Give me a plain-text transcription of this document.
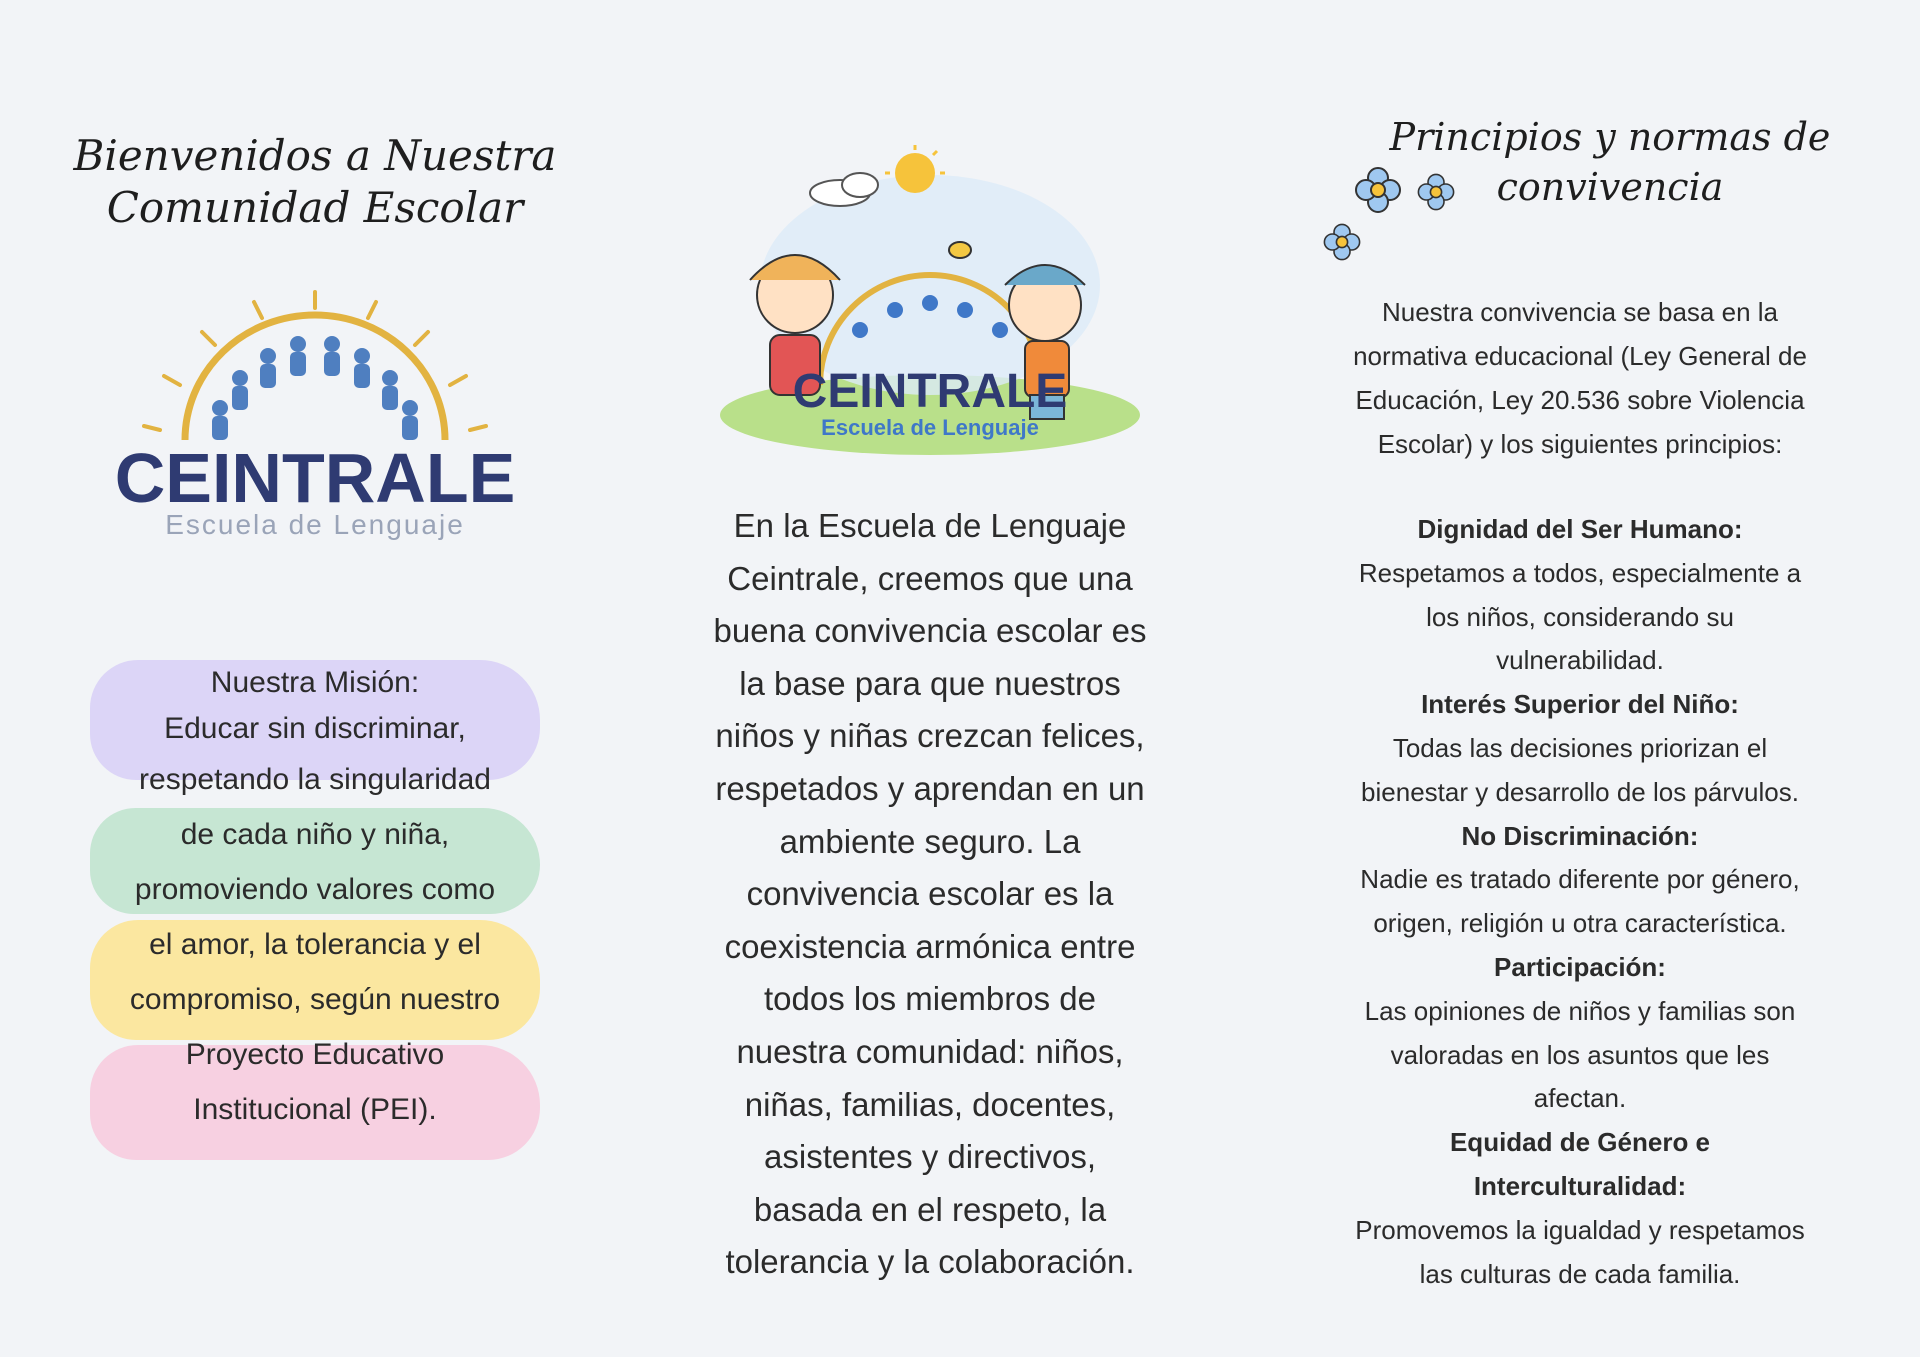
Bienvenidos a Nuestra
Comunidad Escolar
CEINTRALE
Escuela de Lenguaje
Nuestra Misión:
Educar sin discriminar,
respetando la singularidad
de cada niño y niña,
promoviendo valores como
el amor, la tolerancia y el
compromiso, según nuestro
Proyecto Educativo
Institucional (PEI).
CEINTRALE
Escuela de Lenguaje
En la Escuela de Lenguaje
Ceintrale, creemos que una
buena convivencia escolar es
la base para que nuestros
niños y niñas crezcan felices,
respetados y aprendan en un
ambiente seguro. La
convivencia escolar es la
coexistencia armónica entre
todos los miembros de
nuestra comunidad: niños,
niñas, familias, docentes,
asistentes y directivos,
basada en el respeto, la
tolerancia y la colaboración.
Principios y normas de
convivencia
Nuestra convivencia se basa en la
normativa educacional (Ley General de
Educación, Ley 20.536 sobre Violencia
Escolar) y los siguientes principios:
Dignidad del Ser Humano:
Respetamos a todos, especialmente a
los niños, considerando su
vulnerabilidad.
Interés Superior del Niño:
Todas las decisiones priorizan el
bienestar y desarrollo de los párvulos.
No Discriminación:
Nadie es tratado diferente por género,
origen, religión u otra característica.
Participación:
Las opiniones de niños y familias son
valoradas en los asuntos que les
afectan.
Equidad de Género e
Interculturalidad:
Promovemos la igualdad y respetamos
las culturas de cada familia.
